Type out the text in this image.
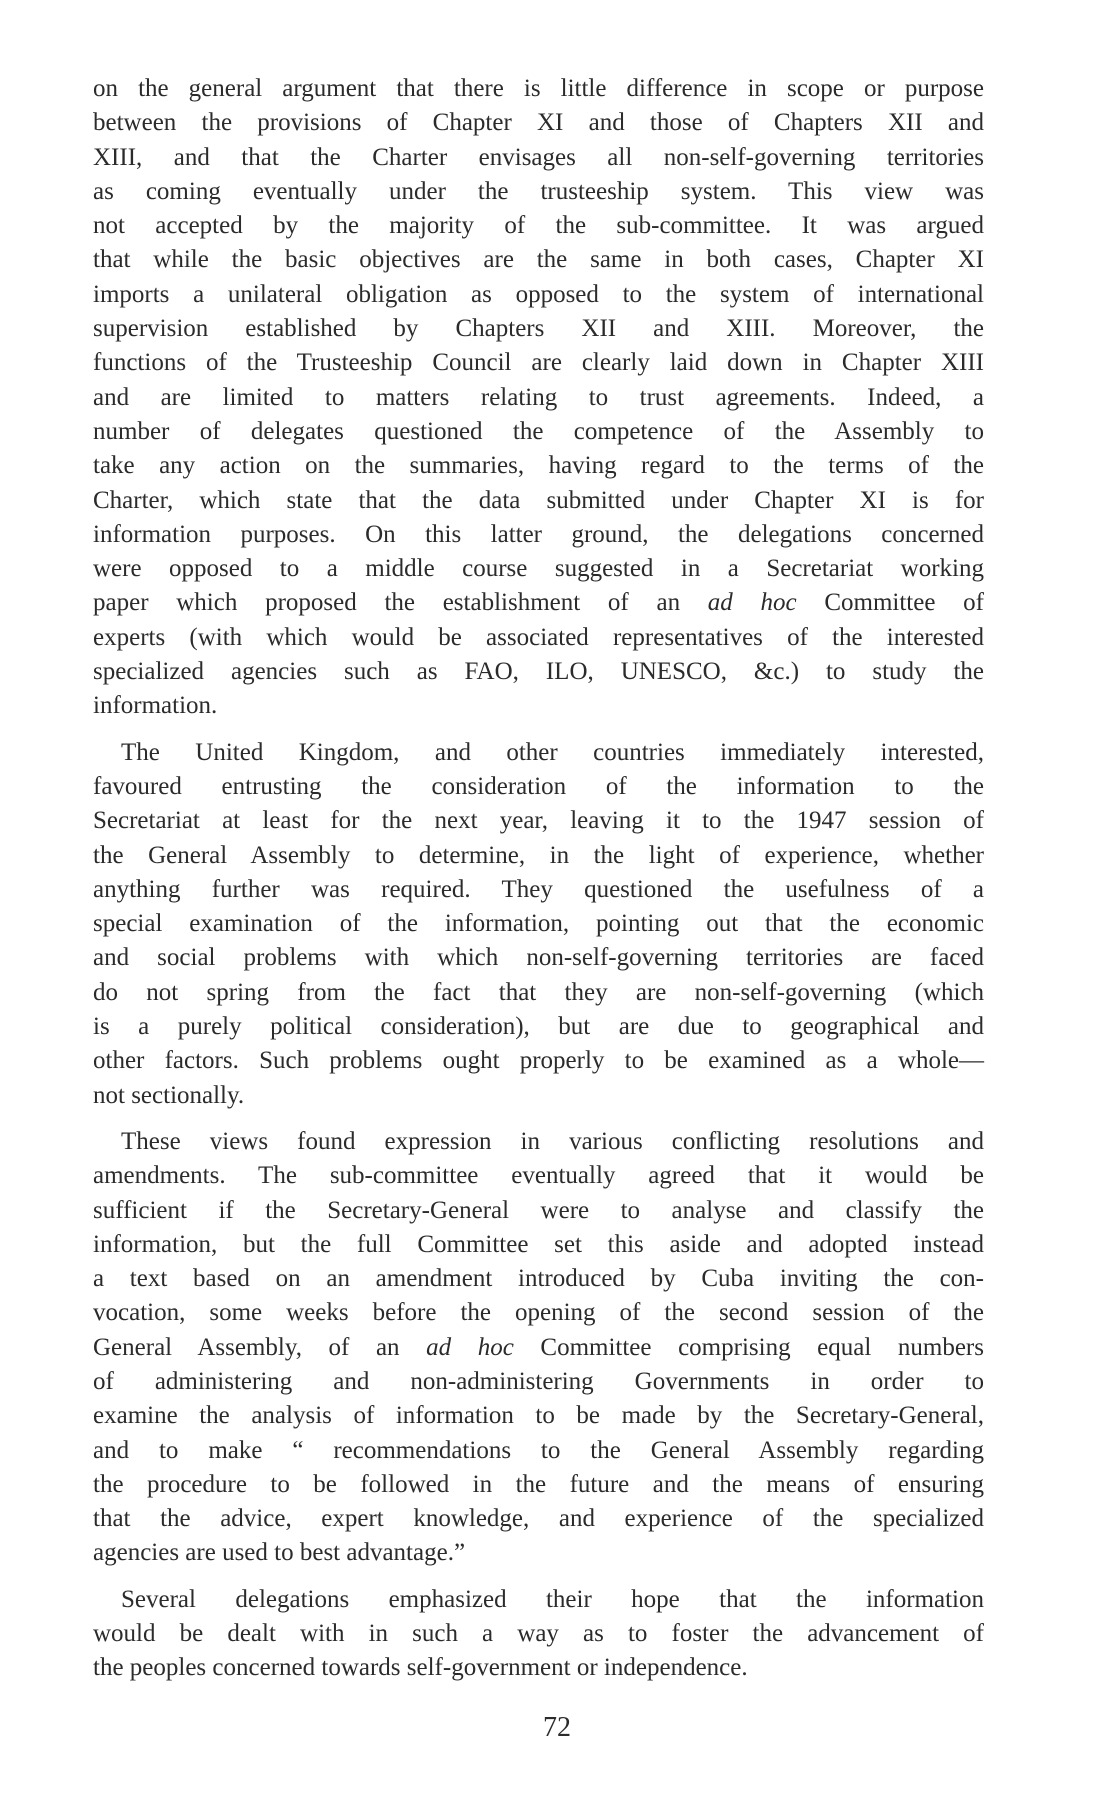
on the general argument that there is little difference in scope or purpose
between the provisions of Chapter XI and those of Chapters XII and
XIII, and that the Charter envisages all non-self-governing territories
as coming eventually under the trusteeship system. This view was
not accepted by the majority of the sub-committee. It was argued
that while the basic objectives are the same in both cases, Chapter XI
imports a unilateral obligation as opposed to the system of international
supervision established by Chapters XII and XIII. Moreover, the
functions of the Trusteeship Council are clearly laid down in Chapter XIII
and are limited to matters relating to trust agreements. Indeed, a
number of delegates questioned the competence of the Assembly to
take any action on the summaries, having regard to the terms of the
Charter, which state that the data submitted under Chapter XI is for
information purposes. On this latter ground, the delegations concerned
were opposed to a middle course suggested in a Secretariat working
paper which proposed the establishment of an ad hoc Committee of
experts (with which would be associated representatives of the interested
specialized agencies such as FAO, ILO, UNESCO, &c.) to study the
information.
The United Kingdom, and other countries immediately interested,
favoured entrusting the consideration of the information to the
Secretariat at least for the next year, leaving it to the 1947 session of
the General Assembly to determine, in the light of experience, whether
anything further was required. They questioned the usefulness of a
special examination of the information, pointing out that the economic
and social problems with which non-self-governing territories are faced
do not spring from the fact that they are non-self-governing (which
is a purely political consideration), but are due to geographical and
other factors. Such problems ought properly to be examined as a whole—
not sectionally.
These views found expression in various conflicting resolutions and
amendments. The sub-committee eventually agreed that it would be
sufficient if the Secretary-General were to analyse and classify the
information, but the full Committee set this aside and adopted instead
a text based on an amendment introduced by Cuba inviting the con-
vocation, some weeks before the opening of the second session of the
General Assembly, of an ad hoc Committee comprising equal numbers
of administering and non-administering Governments in order to
examine the analysis of information to be made by the Secretary-General,
and to make “ recommendations to the General Assembly regarding
the procedure to be followed in the future and the means of ensuring
that the advice, expert knowledge, and experience of the specialized
agencies are used to best advantage.”
Several delegations emphasized their hope that the information
would be dealt with in such a way as to foster the advancement of
the peoples concerned towards self-government or independence.
72
